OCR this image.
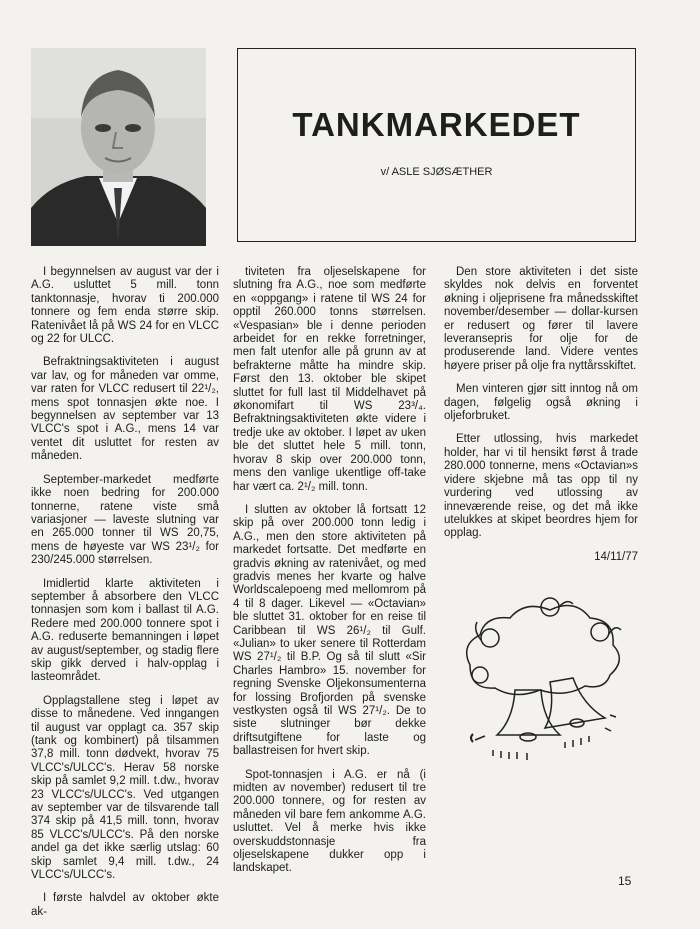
TANKMARKEDET
v/ ASLE SJØSÆTHER

I begynnelsen av august var der i A.G. usluttet 5 mill. tonn tanktonnasje, hvorav ti 200.000 tonnere og fem enda større skip. Ratenivået lå på WS 24 for en VLCC og 22 for ULCC.

Befraktningsaktiviteten i august var lav, og for måneden var omme, var raten for VLCC redusert til 22¹/₂, mens spot tonnasjen økte noe. I begynnelsen av september var 13 VLCC's spot i A.G., mens 14 var ventet dit usluttet for resten av måneden.

September-markedet medførte ikke noen bedring for 200.000 tonnerne, ratene viste små variasjoner — laveste slutning var en 265.000 tonner til WS 20,75, mens de høyeste var WS 23¹/₂ for 230/245.000 størrelsen.

Imidlertid klarte aktiviteten i september å absorbere den VLCC tonnasjen som kom i ballast til A.G. Redere med 200.000 tonnere spot i A.G. reduserte bemanningen i løpet av august/september, og stadig flere skip gikk derved i halv-opplag i lasteområdet.

Opplagstallene steg i løpet av disse to månedene. Ved inngangen til august var opplagt ca. 357 skip (tank og kombinert) på tilsammen 37,8 mill. tonn dødvekt, hvorav 75 VLCC's/ULCC's. Herav 58 norske skip på samlet 9,2 mill. t.dw., hvorav 23 VLCC's/ULCC's. Ved utgangen av september var de tilsvarende tall 374 skip på 41,5 mill. tonn, hvorav 85 VLCC's/ULCC's. På den norske andel ga det ikke særlig utslag: 60 skip samlet 9,4 mill. t.dw., 24 VLCC's/ULCC's.

I første halvdel av oktober økte ak-

tiviteten fra oljeselskapene for slutning fra A.G., noe som medførte en «oppgang» i ratene til WS 24 for opptil 260.000 tonns størrelsen. «Vespasian» ble i denne perioden arbeidet for en rekke forretninger, men falt utenfor alle på grunn av at befrakterne måtte ha mindre skip. Først den 13. oktober ble skipet sluttet for full last til Middelhavet på økonomifart til WS 23³/₄. Befraktningsaktiviteten økte videre i tredje uke av oktober. I løpet av uken ble det sluttet hele 5 mill. tonn, hvorav 8 skip over 200.000 tonn, mens den vanlige ukentlige off-take har vært ca. 2¹/₂ mill. tonn.

I slutten av oktober lå fortsatt 12 skip på over 200.000 tonn ledig i A.G., men den store aktiviteten på markedet fortsatte. Det medførte en gradvis økning av ratenivået, og med gradvis menes her kvarte og halve Worldscalepoeng med mellomrom på 4 til 8 dager. Likevel — «Octavian» ble sluttet 31. oktober for en reise til Caribbean til WS 26¹/₂ til Gulf. «Julian» to uker senere til Rotterdam WS 27¹/₂ til B.P. Og så til slutt «Sir Charles Hambro» 15. november for regning Svenske Oljekonsumenterna for lossing Brofjorden på svenske vestkysten også til WS 27¹/₂. De to siste slutninger bør dekke driftsutgiftene for laste og ballastreisen for hvert skip.

Spot-tonnasjen i A.G. er nå (i midten av november) redusert til tre 200.000 tonnere, og for resten av måneden vil bare fem ankomme A.G. usluttet. Vel å merke hvis ikke overskuddstonnasje fra oljeselskapene dukker opp i landskapet.

Den store aktiviteten i det siste skyldes nok delvis en forventet økning i oljeprisene fra månedsskiftet november/desember — dollar-kursen er redusert og fører til lavere leveransepris for olje for de produserende land. Videre ventes høyere priser på olje fra nyttårsskiftet.

Men vinteren gjør sitt inntog nå om dagen, følgelig også økning i oljeforbruket.

Etter utlossing, hvis markedet holder, har vi til hensikt først å trade 280.000 tonnerne, mens «Octavian»s videre skjebne må tas opp til ny vurdering ved utlossing av inneværende reise, og det må ikke utelukkes at skipet beordres hjem for opplag.

14/11/77

15
